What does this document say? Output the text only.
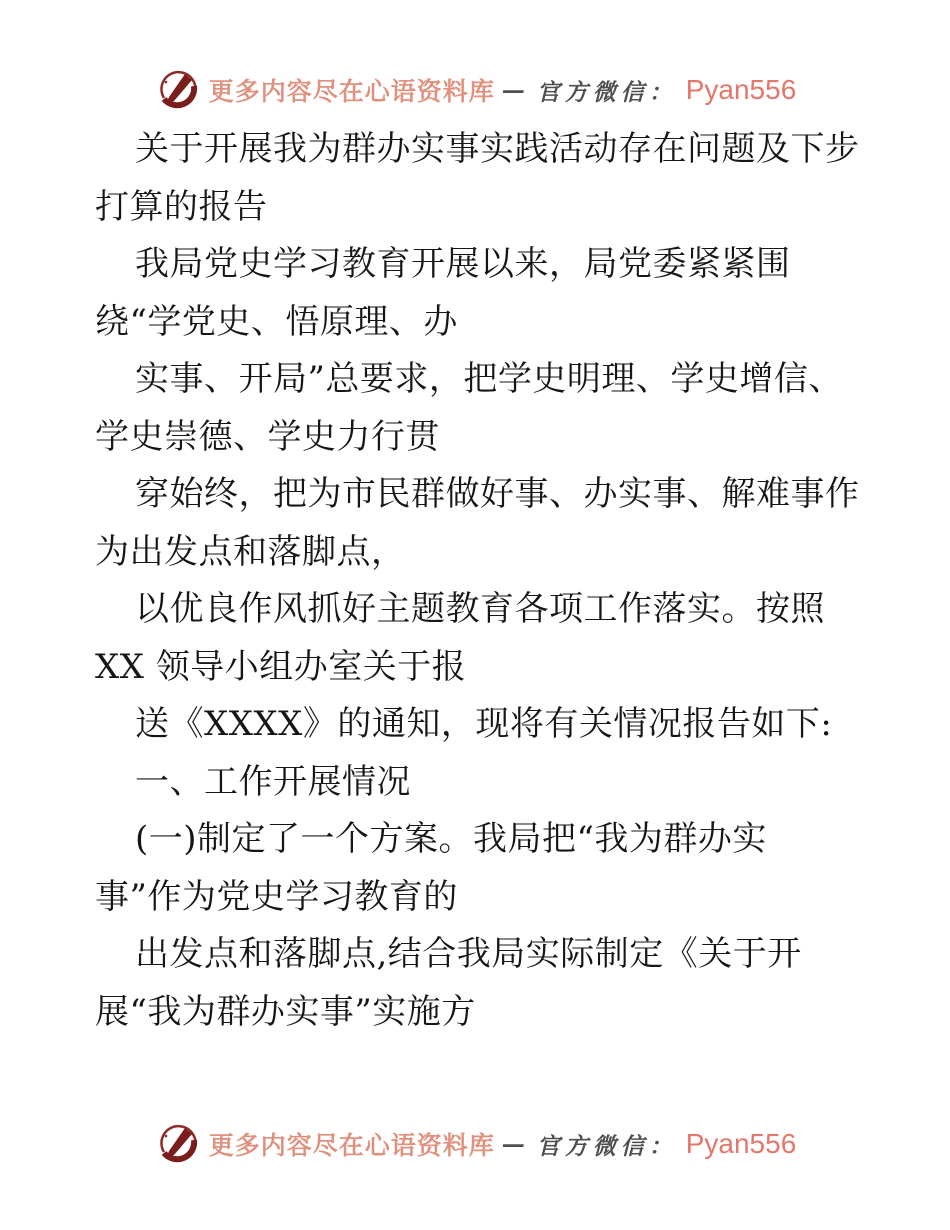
更多内容尽在心语资料库 — 官方微信： Pyan556
关于开展我为群办实事实践活动存在问题及下步
打算的报告
我局党史学习教育开展以来，局党委紧紧围
绕“学党史、悟原理、办
实事、开局”总要求，把学史明理、学史增信、
学史崇德、学史力行贯
穿始终，把为市民群做好事、办实事、解难事作
为出发点和落脚点，
以优良作风抓好主题教育各项工作落实。按照
XX 领导小组办室关于报
送《XXXX》的通知，现将有关情况报告如下:
一、工作开展情况
(一)制定了一个方案。我局把“我为群办实
事”作为党史学习教育的
出发点和落脚点,结合我局实际制定《关于开
展“我为群办实事”实施方
更多内容尽在心语资料库 — 官方微信： Pyan556
